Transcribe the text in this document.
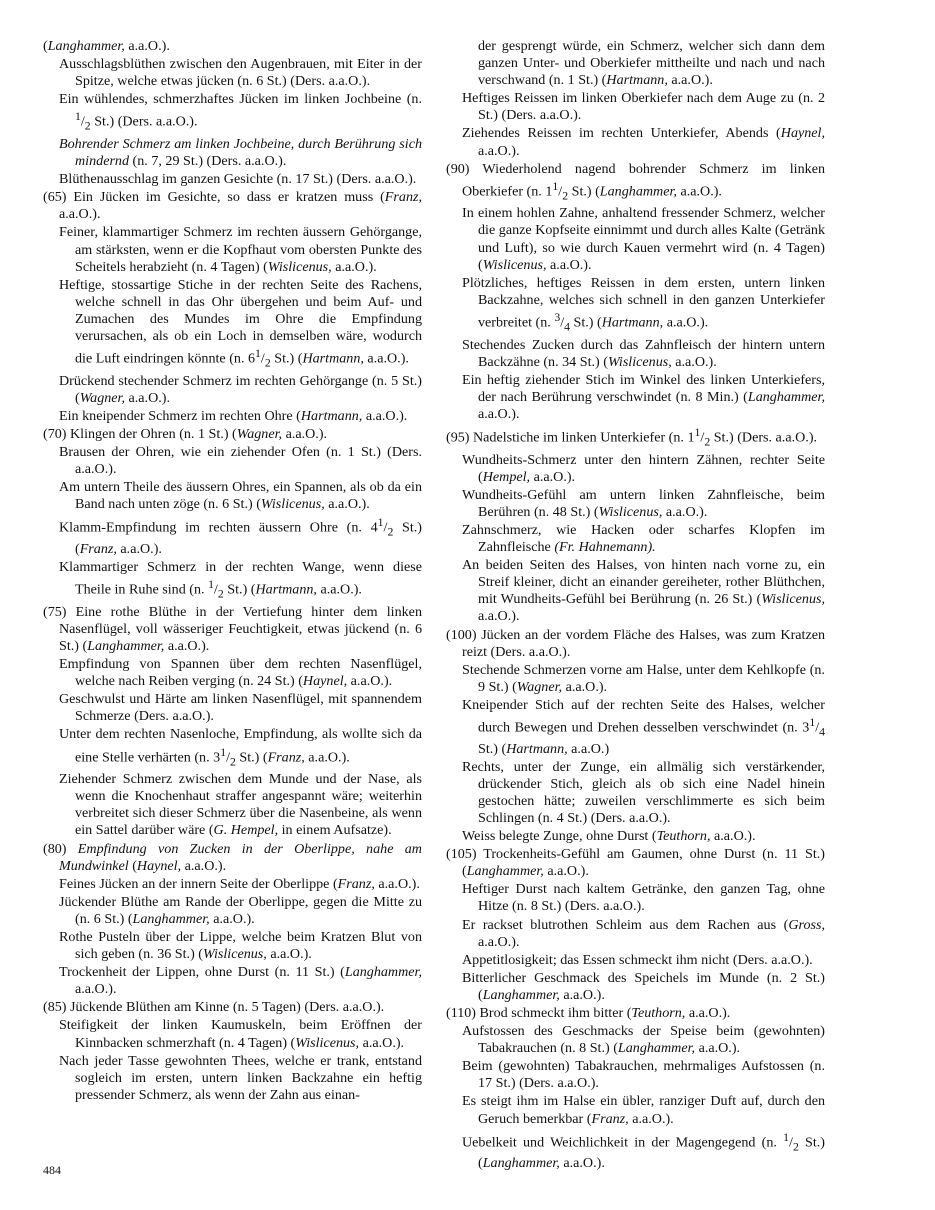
(Langhammer, a.a.O.).
Ausschlagsblüthen zwischen den Augenbrauen, mit Eiter in der Spitze, welche etwas jücken (n. 6 St.) (Ders. a.a.O.).
Ein wühlendes, schmerzhaftes Jücken im linken Jochbeine (n. $^1/_2$ St.) (Ders. a.a.O.).
Bohrender Schmerz am linken Jochbeine, durch Berührung sich mindernd (n. 7, 29 St.) (Ders. a.a.O.).
Blüthenausschlag im ganzen Gesichte (n. 17 St.) (Ders. a.a.O.).
(65) Ein Jücken im Gesichte, so dass er kratzen muss (Franz, a.a.O.).
Feiner, klammartiger Schmerz im rechten äussern Gehörgange, am stärksten, wenn er die Kopfhaut vom obersten Punkte des Scheitels herabzieht (n. 4 Tagen) (Wislicenus, a.a.O.).
Heftige, stossartige Stiche in der rechten Seite des Rachens, welche schnell in das Ohr übergehen und beim Auf- und Zumachen des Mundes im Ohre die Empfindung verursachen, als ob ein Loch in demselben wäre, wodurch die Luft eindringen könnte (n. $6^1/_2$ St.) (Hartmann, a.a.O.).
Drückend stechender Schmerz im rechten Gehörgange (n. 5 St.) (Wagner, a.a.O.).
Ein kneipender Schmerz im rechten Ohre (Hartmann, a.a.O.).
(70) Klingen der Ohren (n. 1 St.) (Wagner, a.a.O.).
Brausen der Ohren, wie ein ziehender Ofen (n. 1 St.) (Ders. a.a.O.).
Am untern Theile des äussern Ohres, ein Spannen, als ob da ein Band nach unten zöge (n. 6 St.) (Wislicenus, a.a.O.).
Klamm-Empfindung im rechten äussern Ohre (n. $4^1/_2$ St.) (Franz, a.a.O.).
Klammartiger Schmerz in der rechten Wange, wenn diese Theile in Ruhe sind (n. $^1/_2$ St.) (Hartmann, a.a.O.).
(75) Eine rothe Blüthe in der Vertiefung hinter dem linken Nasenflügel, voll wässeriger Feuchtigkeit, etwas jückend (n. 6 St.) (Langhammer, a.a.O.).
Empfindung von Spannen über dem rechten Nasenflügel, welche nach Reiben verging (n. 24 St.) (Haynel, a.a.O.).
Geschwulst und Härte am linken Nasenflügel, mit spannendem Schmerze (Ders. a.a.O.).
Unter dem rechten Nasenloche, Empfindung, als wollte sich da eine Stelle verhärten (n. $3^1/_2$ St.) (Franz, a.a.O.).
Ziehender Schmerz zwischen dem Munde und der Nase, als wenn die Knochenhaut straffer angespannt wäre; weiterhin verbreitet sich dieser Schmerz über die Nasenbeine, als wenn ein Sattel darüber wäre (G. Hempel, in einem Aufsatze).
(80) Empfindung von Zucken in der Oberlippe, nahe am Mundwinkel (Haynel, a.a.O.).
Feines Jücken an der innern Seite der Oberlippe (Franz, a.a.O.).
Jückender Blüthe am Rande der Oberlippe, gegen die Mitte zu (n. 6 St.) (Langhammer, a.a.O.).
Rothe Pusteln über der Lippe, welche beim Kratzen Blut von sich geben (n. 36 St.) (Wislicenus, a.a.O.).
Trockenheit der Lippen, ohne Durst (n. 11 St.) (Langhammer, a.a.O.).
(85) Jückende Blüthen am Kinne (n. 5 Tagen) (Ders. a.a.O.).
Steifigkeit der linken Kaumuskeln, beim Eröffnen der Kinnbacken schmerzhaft (n. 4 Tagen) (Wislicenus, a.a.O.).
Nach jeder Tasse gewohnten Thees, welche er trank, entstand sogleich im ersten, untern linken Backzahne ein heftig pressender Schmerz, als wenn der Zahn aus einan-
der gesprengt würde, ein Schmerz, welcher sich dann dem ganzen Unter- und Oberkiefer mittheilte und nach und nach verschwand (n. 1 St.) (Hartmann, a.a.O.).
Heftiges Reissen im linken Oberkiefer nach dem Auge zu (n. 2 St.) (Ders. a.a.O.).
Ziehendes Reissen im rechten Unterkiefer, Abends (Haynel, a.a.O.).
(90) Wiederholend nagend bohrender Schmerz im linken Oberkiefer (n. $1^1/_2$ St.) (Langhammer, a.a.O.).
In einem hohlen Zahne, anhaltend fressender Schmerz, welcher die ganze Kopfseite einnimmt und durch alles Kalte (Getränk und Luft), so wie durch Kauen vermehrt wird (n. 4 Tagen) (Wislicenus, a.a.O.).
Plötzliches, heftiges Reissen in dem ersten, untern linken Backzahne, welches sich schnell in den ganzen Unterkiefer verbreitet (n. $^3/_4$ St.) (Hartmann, a.a.O.).
Stechendes Zucken durch das Zahnfleisch der hintern untern Backzähne (n. 34 St.) (Wislicenus, a.a.O.).
Ein heftig ziehender Stich im Winkel des linken Unterkiefers, der nach Berührung verschwindet (n. 8 Min.) (Langhammer, a.a.O.).
(95) Nadelstiche im linken Unterkiefer (n. $1^1/_2$ St.) (Ders. a.a.O.).
Wundheits-Schmerz unter den hintern Zähnen, rechter Seite (Hempel, a.a.O.).
Wundheits-Gefühl am untern linken Zahnfleische, beim Berühren (n. 48 St.) (Wislicenus, a.a.O.).
Zahnschmerz, wie Hacken oder scharfes Klopfen im Zahnfleische (Fr. Hahnemann).
An beiden Seiten des Halses, von hinten nach vorne zu, ein Streif kleiner, dicht an einander gereiheter, rother Blüthchen, mit Wundheits-Gefühl bei Berührung (n. 26 St.) (Wislicenus, a.a.O.).
(100) Jücken an der vordem Fläche des Halses, was zum Kratzen reizt (Ders. a.a.O.).
Stechende Schmerzen vorne am Halse, unter dem Kehlkopfe (n. 9 St.) (Wagner, a.a.O.).
Kneipender Stich auf der rechten Seite des Halses, welcher durch Bewegen und Drehen desselben verschwindet (n. $3^1/_4$ St.) (Hartmann, a.a.O.)
Rechts, unter der Zunge, ein allmälig sich verstärkender, drückender Stich, gleich als ob sich eine Nadel hinein gestochen hätte; zuweilen verschlimmerte es sich beim Schlingen (n. 4 St.) (Ders. a.a.O.).
Weiss belegte Zunge, ohne Durst (Teuthorn, a.a.O.).
(105) Trockenheits-Gefühl am Gaumen, ohne Durst (n. 11 St.) (Langhammer, a.a.O.).
Heftiger Durst nach kaltem Getränke, den ganzen Tag, ohne Hitze (n. 8 St.) (Ders. a.a.O.).
Er rackset blutrothen Schleim aus dem Rachen aus (Gross, a.a.O.).
Appetitlosigkeit; das Essen schmeckt ihm nicht (Ders. a.a.O.).
Bitterlicher Geschmack des Speichels im Munde (n. 2 St.) (Langhammer, a.a.O.).
(110) Brod schmeckt ihm bitter (Teuthorn, a.a.O.).
Aufstossen des Geschmacks der Speise beim (gewohnten) Tabakrauchen (n. 8 St.) (Langhammer, a.a.O.).
Beim (gewohnten) Tabakrauchen, mehrmaliges Aufstossen (n. 17 St.) (Ders. a.a.O.).
Es steigt ihm im Halse ein übler, ranziger Duft auf, durch den Geruch bemerkbar (Franz, a.a.O.).
Uebelkeit und Weichlichkeit in der Magengegend (n. $^1/_2$ St.) (Langhammer, a.a.O.).
484
